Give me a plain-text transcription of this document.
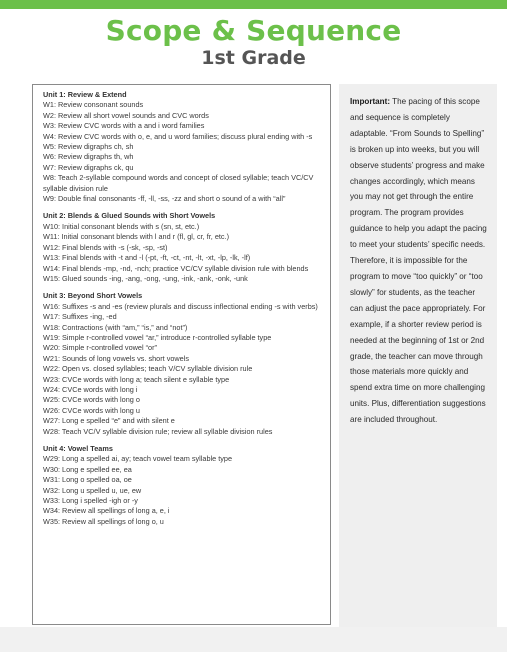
Scope & Sequence
1st Grade
Unit 1: Review & Extend
W1: Review consonant sounds
W2: Review all short vowel sounds and CVC words
W3: Review CVC words with a and i word families
W4: Review CVC words with o, e, and u word families; discuss plural ending with -s
W5: Review digraphs ch, sh
W6: Review digraphs th, wh
W7: Review digraphs ck, qu
W8: Teach 2-syllable compound words and concept of closed syllable; teach VC/CV syllable division rule
W9: Double final consonants -ff, -ll, -ss, -zz and short o sound of a with “all”
Unit 2: Blends & Glued Sounds with Short Vowels
W10: Initial consonant blends with s (sn, st, etc.)
W11: Initial consonant blends with l and r (fl, gl, cr, fr, etc.)
W12: Final blends with -s (-sk, -sp, -st)
W13: Final blends with -t and -l (-pt, -ft, -ct, -nt, -lt, -xt, -lp, -lk, -lf)
W14: Final blends -mp, -nd, -nch; practice VC/CV syllable division rule with blends
W15: Glued sounds -ing, -ang, -ong, -ung, -ink, -ank, -onk, -unk
Unit 3: Beyond Short Vowels
W16: Suffixes -s and -es (review plurals and discuss inflectional ending -s with verbs)
W17: Suffixes -ing, -ed
W18: Contractions (with “am,” “is,” and “not”)
W19: Simple r-controlled vowel “ar,” introduce r-controlled syllable type
W20: Simple r-controlled vowel “or”
W21: Sounds of long vowels vs. short vowels
W22: Open vs. closed syllables; teach V/CV syllable division rule
W23: CVCe words with long a; teach silent e syllable type
W24: CVCe words with long i
W25: CVCe words with long o
W26: CVCe words with long u
W27: Long e spelled “e” and with silent e
W28: Teach VC/V syllable division rule; review all syllable division rules
Unit 4: Vowel Teams
W29: Long a spelled ai, ay; teach vowel team syllable type
W30: Long e spelled ee, ea
W31: Long o spelled oa, oe
W32: Long u spelled u, ue, ew
W33: Long i spelled -igh or -y
W34: Review all spellings of long a, e, i
W35: Review all spellings of long o, u

Important: The pacing of this scope and sequence is completely adaptable. “From Sounds to Spelling” is broken up into weeks, but you will observe students’ progress and make changes accordingly, which means you may not get through the entire program. The program provides guidance to help you adapt the pacing to meet your students’ specific needs. Therefore, it is impossible for the program to move “too quickly” or “too slowly” for students, as the teacher can adjust the pace appropriately. For example, if a shorter review period is needed at the beginning of 1st or 2nd grade, the teacher can move through those materials more quickly and spend extra time on more challenging units. Plus, differentiation suggestions are included throughout.
